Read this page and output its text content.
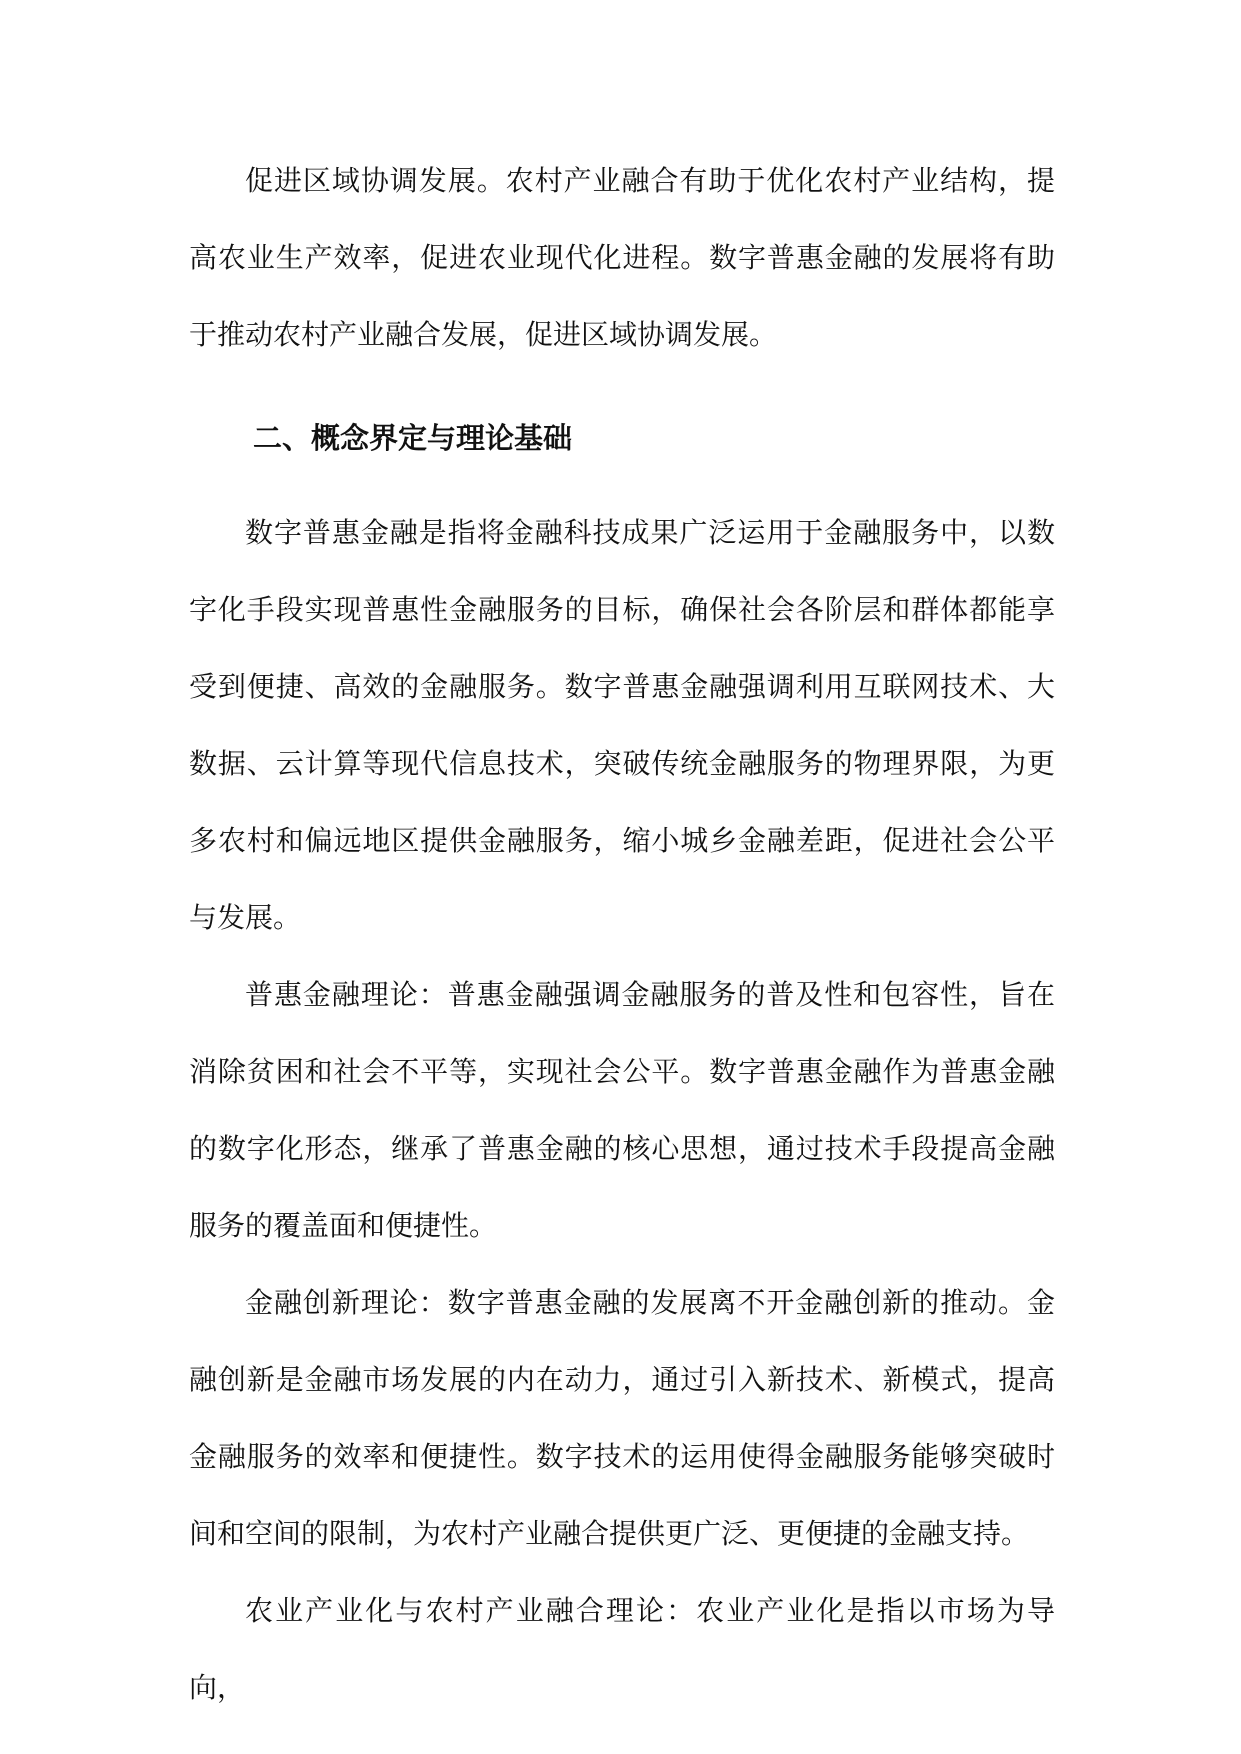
促进区域协调发展。农村产业融合有助于优化农村产业结构，提高农业生产效率，促进农业现代化进程。数字普惠金融的发展将有助于推动农村产业融合发展，促进区域协调发展。

二、概念界定与理论基础

数字普惠金融是指将金融科技成果广泛运用于金融服务中，以数字化手段实现普惠性金融服务的目标，确保社会各阶层和群体都能享受到便捷、高效的金融服务。数字普惠金融强调利用互联网技术、大数据、云计算等现代信息技术，突破传统金融服务的物理界限，为更多农村和偏远地区提供金融服务，缩小城乡金融差距，促进社会公平与发展。

普惠金融理论：普惠金融强调金融服务的普及性和包容性，旨在消除贫困和社会不平等，实现社会公平。数字普惠金融作为普惠金融的数字化形态，继承了普惠金融的核心思想，通过技术手段提高金融服务的覆盖面和便捷性。

金融创新理论：数字普惠金融的发展离不开金融创新的推动。金融创新是金融市场发展的内在动力，通过引入新技术、新模式，提高金融服务的效率和便捷性。数字技术的运用使得金融服务能够突破时间和空间的限制，为农村产业融合提供更广泛、更便捷的金融支持。

农业产业化与农村产业融合理论：农业产业化是指以市场为导向，
